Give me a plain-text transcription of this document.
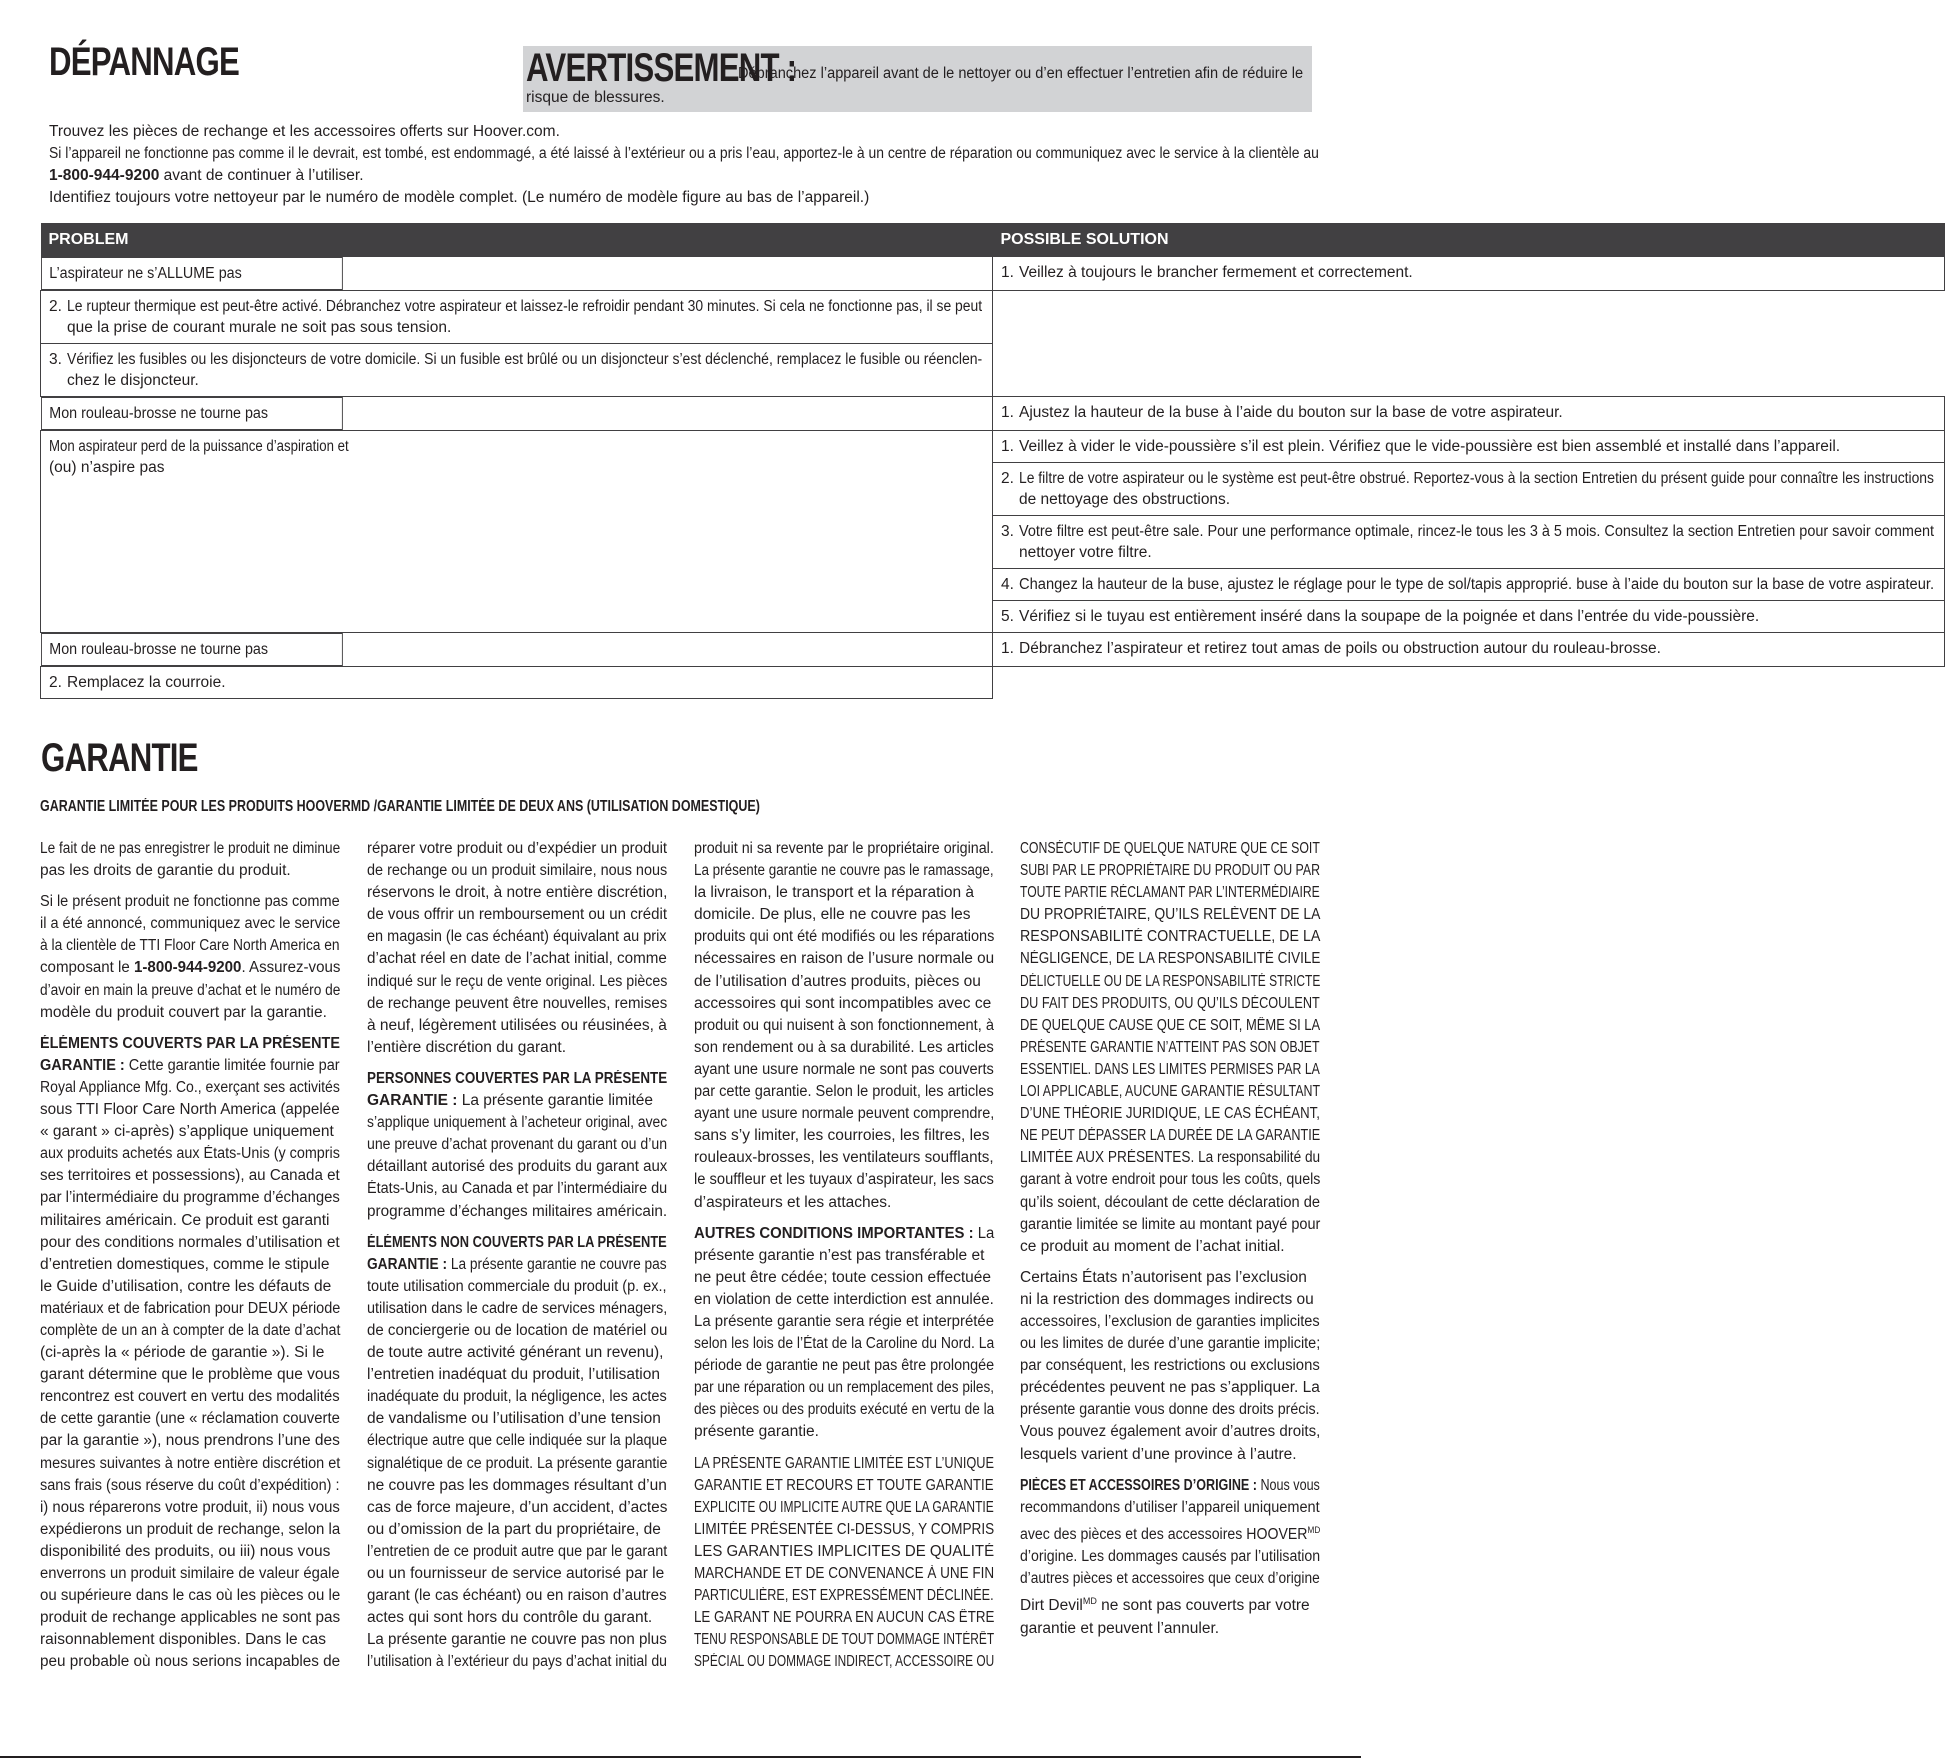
DÉPANNAGE	AVERTISSEMENT :
Débranchez l’appareil avant de le nettoyer ou d’en effectuer l’entretien afin de réduire le
risque de blessures.
Trouvez les pièces de rechange et les accessoires offerts sur Hoover.com.
Si l’appareil ne fonctionne pas comme il le devrait, est tombé, est endommagé, a été laissé à l’extérieur ou a pris l’eau, apportez-le à un centre de réparation ou communiquez avec le service à la clientèle au
1-800-944-9200 avant de continuer à l’utiliser.
Identifiez toujours votre nettoyeur par le numéro de modèle complet. (Le numéro de modèle figure au bas de l’appareil.)
PROBLEM	POSSIBLE SOLUTION
L’aspirateur ne s’ALLUME pas	1. Veillez à toujours le brancher fermement et correctement.

2. Le rupteur thermique est peut-être activé. Débranchez votre aspirateur et laissez-le refroidir pendant 30 minutes. Si cela ne fonctionne pas, il se peut
que la prise de courant murale ne soit pas sous tension.	

3. Vérifiez les fusibles ou les disjoncteurs de votre domicile. Si un fusible est brûlé ou un disjoncteur s’est déclenché, remplacez le fusible ou réenclen-
chez le disjoncteur.	

Mon rouleau-brosse ne tourne pas	1. Ajustez la hauteur de la buse à l’aide du bouton sur la base de votre aspirateur.

Mon aspirateur perd de la puissance d’aspiration et
(ou) n’aspire pas	1. Veillez à vider le vide-poussière s’il est plein. Vérifiez que le vide-poussière est bien assemblé et installé dans l’appareil.

	2. Le filtre de votre aspirateur ou le système est peut-être obstrué. Reportez-vous à la section Entretien du présent guide pour connaître les instructions
de nettoyage des obstructions.

	3. Votre filtre est peut-être sale. Pour une performance optimale, rincez-le tous les 3 à 5 mois. Consultez la section Entretien pour savoir comment
nettoyer votre filtre.

	4. Changez la hauteur de la buse, ajustez le réglage pour le type de sol/tapis approprié. buse à l’aide du bouton sur la base de votre aspirateur.

	5. Vérifiez si le tuyau est entièrement inséré dans la soupape de la poignée et dans l’entrée du vide-poussière.

Mon rouleau-brosse ne tourne pas	1. Débranchez l’aspirateur et retirez tout amas de poils ou obstruction autour du rouleau-brosse.

2. Remplacez la courroie.	
GARANTIE
GARANTIE LIMITÉE POUR LES PRODUITS HOOVERMD /GARANTIE LIMITÉE DE DEUX ANS (UTILISATION DOMESTIQUE)

Le fait de ne pas enregistrer le produit ne diminue
pas les droits de garantie du produit.

Si le présent produit ne fonctionne pas comme
il a été annoncé, communiquez avec le service
à la clientèle de TTI Floor Care North America en
composant le 1-800-944-9200. Assurez-vous
d’avoir en main la preuve d’achat et le numéro de
modèle du produit couvert par la garantie.

ÉLÉMENTS COUVERTS PAR LA PRÉSENTE
GARANTIE : Cette garantie limitée fournie par
Royal Appliance Mfg. Co., exerçant ses activités
sous TTI Floor Care North America (appelée
« garant » ci-après) s’applique uniquement
aux produits achetés aux États-Unis (y compris
ses territoires et possessions), au Canada et
par l’intermédiaire du programme d’échanges
militaires américain. Ce produit est garanti
pour des conditions normales d’utilisation et
d’entretien domestiques, comme le stipule
le Guide d’utilisation, contre les défauts de
matériaux et de fabrication pour DEUX période
complète de un an à compter de la date d’achat
(ci-après la « période de garantie »). Si le
garant détermine que le problème que vous
rencontrez est couvert en vertu des modalités
de cette garantie (une « réclamation couverte
par la garantie »), nous prendrons l’une des
mesures suivantes à notre entière discrétion et
sans frais (sous réserve du coût d’expédition) :
i) nous réparerons votre produit, ii) nous vous
expédierons un produit de rechange, selon la
disponibilité des produits, ou iii) nous vous
enverrons un produit similaire de valeur égale
ou supérieure dans le cas où les pièces ou le
produit de rechange applicables ne sont pas
raisonnablement disponibles. Dans le cas
peu probable où nous serions incapables de

réparer votre produit ou d’expédier un produit
de rechange ou un produit similaire, nous nous
réservons le droit, à notre entière discrétion,
de vous offrir un remboursement ou un crédit
en magasin (le cas échéant) équivalant au prix
d’achat réel en date de l’achat initial, comme
indiqué sur le reçu de vente original. Les pièces
de rechange peuvent être nouvelles, remises
à neuf, légèrement utilisées ou réusinées, à
l’entière discrétion du garant.

PERSONNES COUVERTES PAR LA PRÉSENTE
GARANTIE : La présente garantie limitée
s’applique uniquement à l’acheteur original, avec
une preuve d’achat provenant du garant ou d’un
détaillant autorisé des produits du garant aux
États-Unis, au Canada et par l’intermédiaire du
programme d’échanges militaires américain.

ÉLÉMENTS NON COUVERTS PAR LA PRÉSENTE
GARANTIE : La présente garantie ne couvre pas
toute utilisation commerciale du produit (p. ex.,
utilisation dans le cadre de services ménagers,
de conciergerie ou de location de matériel ou
de toute autre activité générant un revenu),
l’entretien inadéquat du produit, l’utilisation
inadéquate du produit, la négligence, les actes
de vandalisme ou l’utilisation d’une tension
électrique autre que celle indiquée sur la plaque
signalétique de ce produit. La présente garantie
ne couvre pas les dommages résultant d’un
cas de force majeure, d’un accident, d’actes
ou d’omission de la part du propriétaire, de
l’entretien de ce produit autre que par le garant
ou un fournisseur de service autorisé par le
garant (le cas échéant) ou en raison d’autres
actes qui sont hors du contrôle du garant.
La présente garantie ne couvre pas non plus
l’utilisation à l’extérieur du pays d’achat initial du

produit ni sa revente par le propriétaire original.
La présente garantie ne couvre pas le ramassage,
la livraison, le transport et la réparation à
domicile. De plus, elle ne couvre pas les
produits qui ont été modifiés ou les réparations
nécessaires en raison de l’usure normale ou
de l’utilisation d’autres produits, pièces ou
accessoires qui sont incompatibles avec ce
produit ou qui nuisent à son fonctionnement, à
son rendement ou à sa durabilité. Les articles
ayant une usure normale ne sont pas couverts
par cette garantie. Selon le produit, les articles
ayant une usure normale peuvent comprendre,
sans s’y limiter, les courroies, les filtres, les
rouleaux-brosses, les ventilateurs soufflants,
le souffleur et les tuyaux d’aspirateur, les sacs
d’aspirateurs et les attaches.

AUTRES CONDITIONS IMPORTANTES : La
présente garantie n’est pas transférable et
ne peut être cédée; toute cession effectuée
en violation de cette interdiction est annulée.
La présente garantie sera régie et interprétée
selon les lois de l’État de la Caroline du Nord. La
période de garantie ne peut pas être prolongée
par une réparation ou un remplacement des piles,
des pièces ou des produits exécuté en vertu de la
présente garantie.

LA PRÉSENTE GARANTIE LIMITÉE EST L’UNIQUE
GARANTIE ET RECOURS ET TOUTE GARANTIE
EXPLICITE OU IMPLICITE AUTRE QUE LA GARANTIE
LIMITÉE PRÉSENTÉE CI-DESSUS, Y COMPRIS
LES GARANTIES IMPLICITES DE QUALITÉ
MARCHANDE ET DE CONVENANCE À UNE FIN
PARTICULIÈRE, EST EXPRESSÉMENT DÉCLINÉE.
LE GARANT NE POURRA EN AUCUN CAS ÊTRE
TENU RESPONSABLE DE TOUT DOMMAGE INTÉRÊT
SPÉCIAL OU DOMMAGE INDIRECT, ACCESSOIRE OU

CONSÉCUTIF DE QUELQUE NATURE QUE CE SOIT
SUBI PAR LE PROPRIÉTAIRE DU PRODUIT OU PAR
TOUTE PARTIE RÉCLAMANT PAR L’INTERMÉDIAIRE
DU PROPRIÉTAIRE, QU’ILS RELÈVENT DE LA
RESPONSABILITÉ CONTRACTUELLE, DE LA
NÉGLIGENCE, DE LA RESPONSABILITÉ CIVILE
DÉLICTUELLE OU DE LA RESPONSABILITÉ STRICTE
DU FAIT DES PRODUITS, OU QU’ILS DÉCOULENT
DE QUELQUE CAUSE QUE CE SOIT, MÊME SI LA
PRÉSENTE GARANTIE N’ATTEINT PAS SON OBJET
ESSENTIEL. DANS LES LIMITES PERMISES PAR LA
LOI APPLICABLE, AUCUNE GARANTIE RÉSULTANT
D’UNE THÉORIE JURIDIQUE, LE CAS ÉCHÉANT,
NE PEUT DÉPASSER LA DURÉE DE LA GARANTIE
LIMITÉE AUX PRÉSENTES. La responsabilité du
garant à votre endroit pour tous les coûts, quels
qu’ils soient, découlant de cette déclaration de
garantie limitée se limite au montant payé pour
ce produit au moment de l’achat initial.

Certains États n’autorisent pas l’exclusion
ni la restriction des dommages indirects ou
accessoires, l’exclusion de garanties implicites
ou les limites de durée d’une garantie implicite;
par conséquent, les restrictions ou exclusions
précédentes peuvent ne pas s’appliquer. La
présente garantie vous donne des droits précis.
Vous pouvez également avoir d’autres droits,
lesquels varient d’une province à l’autre.

PIÈCES ET ACCESSOIRES D’ORIGINE : Nous vous
recommandons d’utiliser l’appareil uniquement
avec des pièces et des accessoires $HOOVER^{MD}$
d’origine. Les dommages causés par l’utilisation
d’autres pièces et accessoires que ceux d’origine
Dirt Devil$^{MD}$ ne sont pas couverts par votre
garantie et peuvent l’annuler.
